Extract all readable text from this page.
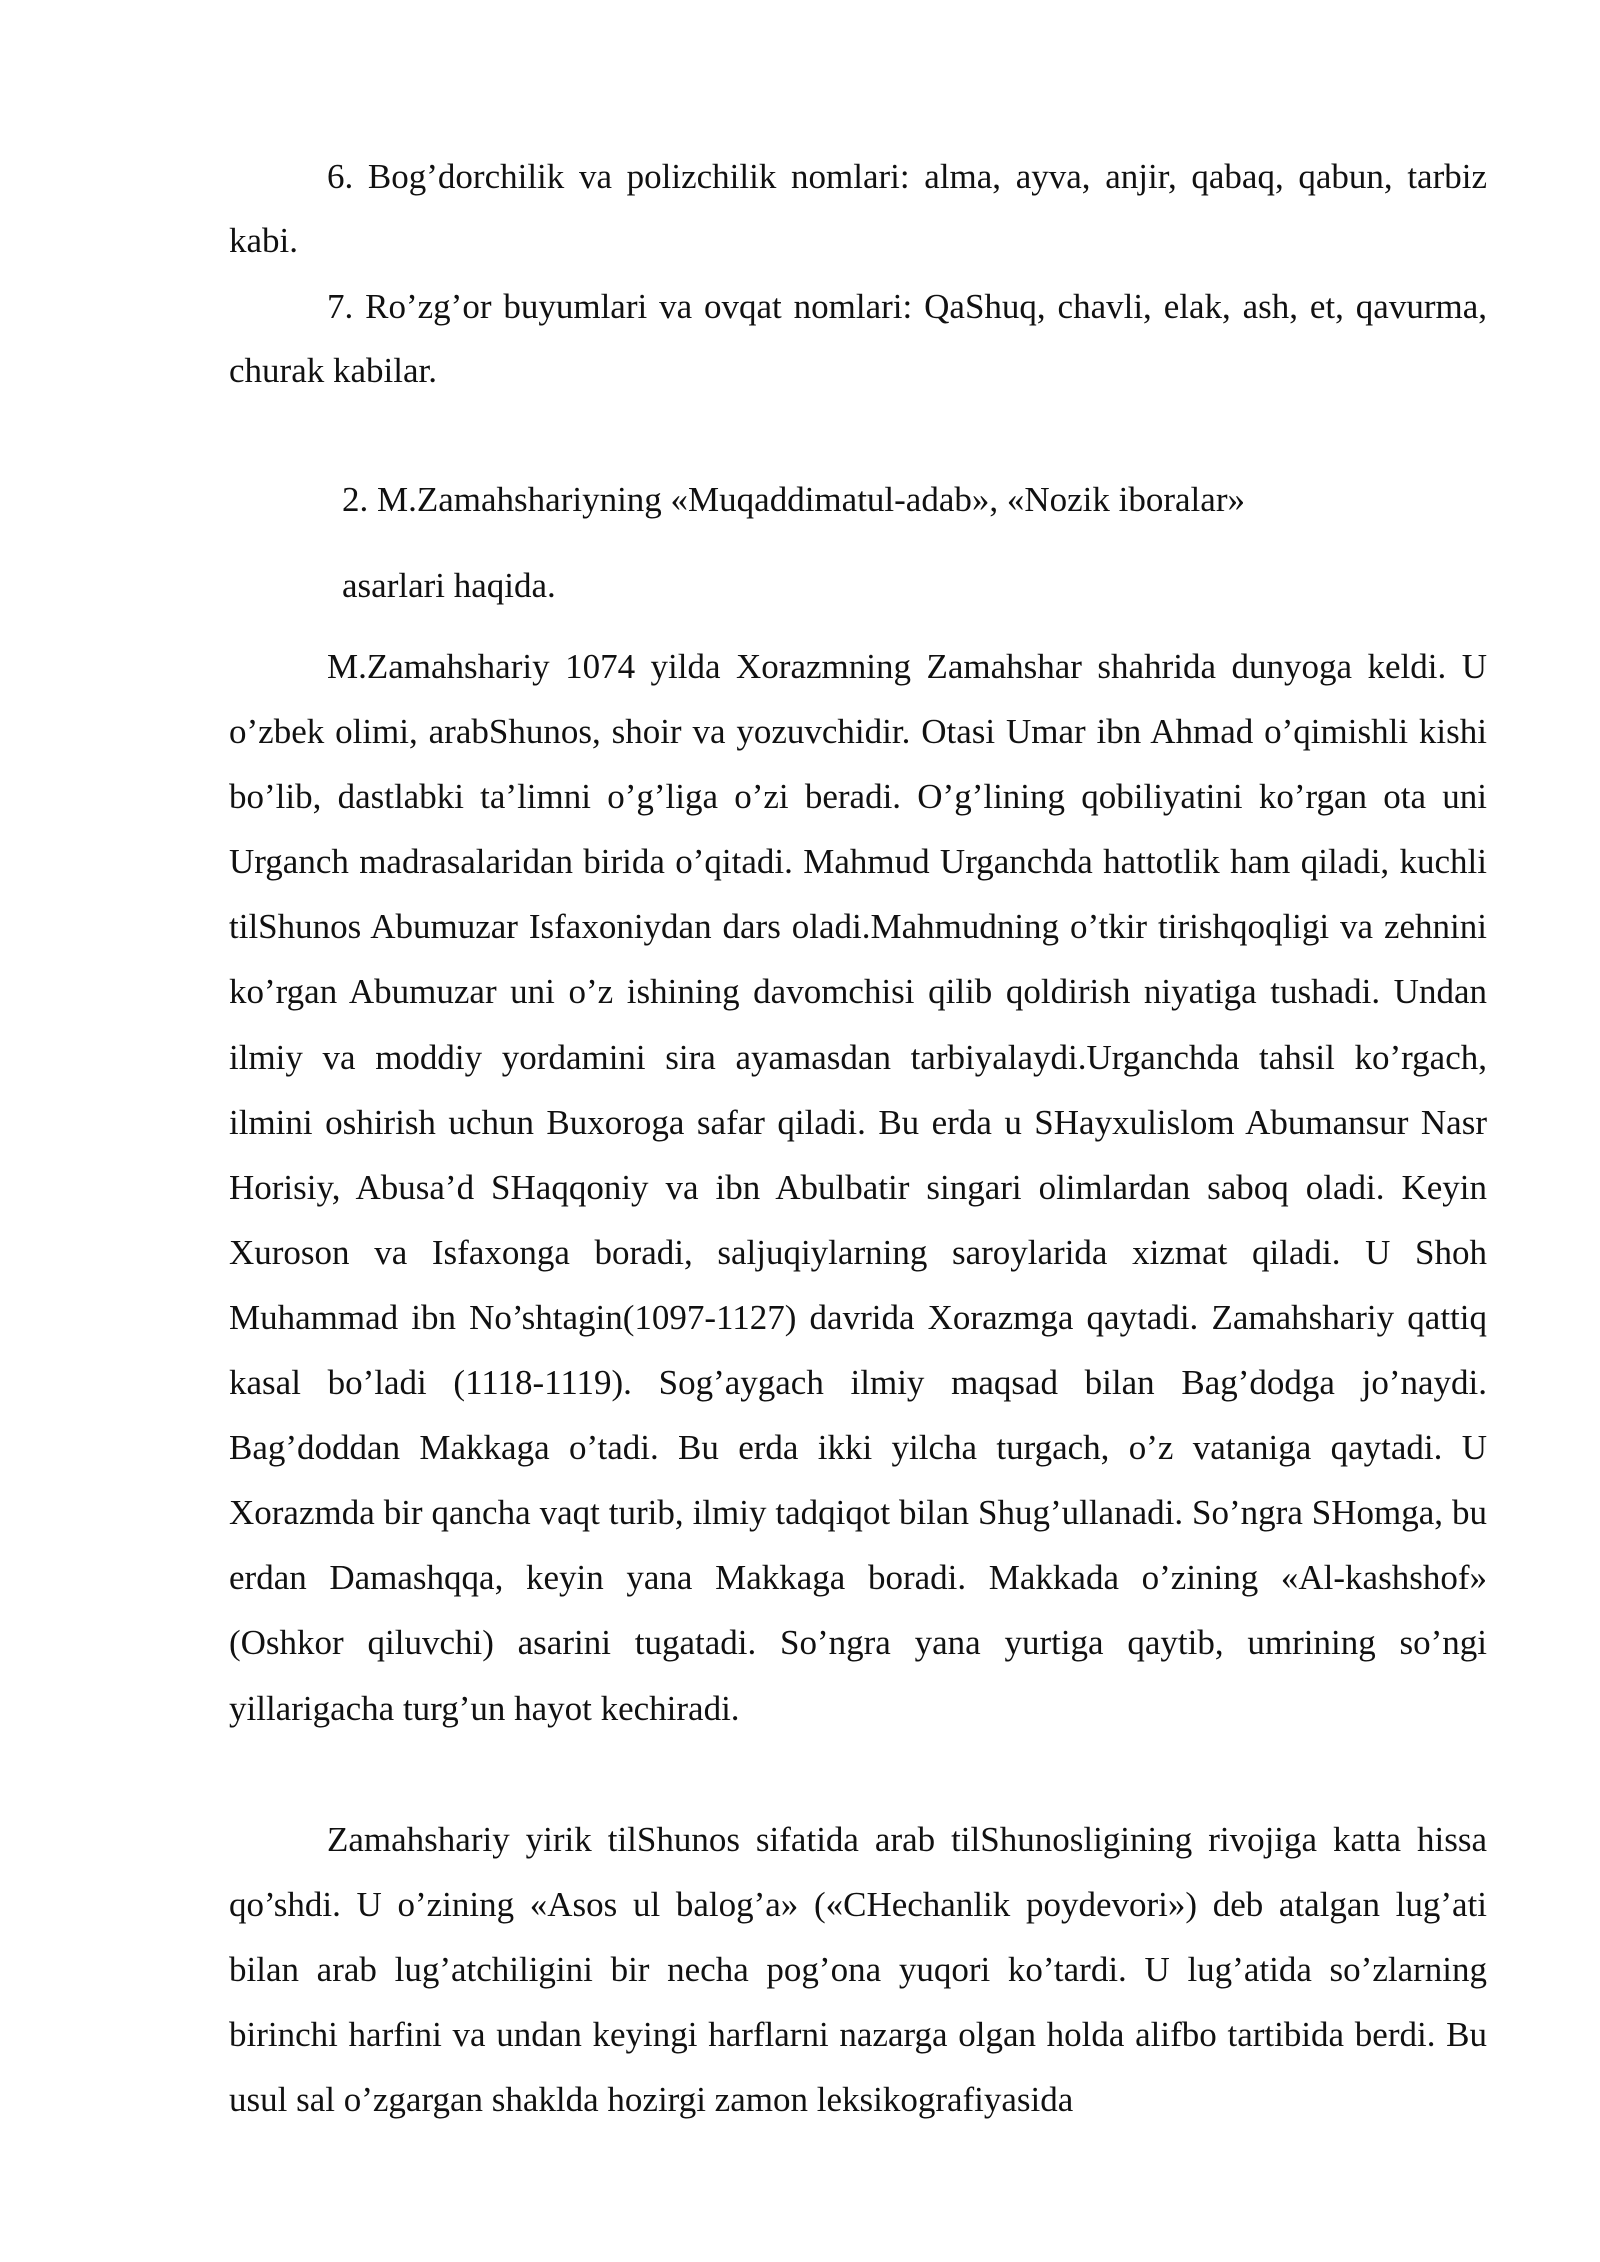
6. Bog’dorchilik va polizchilik nomlari: alma, ayva, anjir, qabaq, qabun, tarbiz kabi.

7. Ro’zg’or buyumlari va ovqat nomlari: QaShuq, chavli, elak, ash, et, qavurma, churak kabilar.

2. M.Zamahshariyning «Muqaddimatul-adab», «Nozik iboralar»

asarlari haqida.

M.Zamahshariy 1074 yilda Xorazmning Zamahshar shahrida dunyoga keldi. U o’zbek olimi, arabShunos, shoir va yozuvchidir. Otasi Umar ibn Ahmad o’qimishli kishi bo’lib, dastlabki ta’limni o’g’liga o’zi beradi. O’g’lining qobiliyatini ko’rgan ota uni Urganch madrasalaridan birida o’qitadi. Mahmud Urganchda hattotlik ham qiladi, kuchli tilShunos Abumuzar Isfaxoniydan dars oladi.Mahmudning o’tkir tirishqoqligi va zehnini ko’rgan Abumuzar uni o’z ishining davomchisi qilib qoldirish niyatiga tushadi. Undan ilmiy va moddiy yordamini sira ayamasdan tarbiyalaydi.Urganchda tahsil ko’rgach, ilmini oshirish uchun Buxoroga safar qiladi. Bu erda u SHayxulislom Abumansur Nasr Horisiy, Abusa’d SHaqqoniy va ibn Abulbatir singari olimlardan saboq oladi. Keyin Xuroson va Isfaxonga boradi, saljuqiylarning saroylarida xizmat qiladi. U Shoh Muhammad ibn No’shtagin(1097-1127) davrida Xorazmga qaytadi. Zamahshariy qattiq kasal bo’ladi (1118-1119). Sog’aygach ilmiy maqsad bilan Bag’dodga jo’naydi. Bag’doddan Makkaga o’tadi. Bu erda ikki yilcha turgach, o’z vataniga qaytadi. U Xorazmda bir qancha vaqt turib, ilmiy tadqiqot bilan Shug’ullanadi. So’ngra SHomga, bu erdan Damashqqa, keyin yana Makkaga boradi. Makkada o’zining «Al-kashshof» (Oshkor qiluvchi) asarini tugatadi. So’ngra yana yurtiga qaytib, umrining so’ngi yillarigacha turg’un hayot kechiradi.

Zamahshariy yirik tilShunos sifatida arab tilShunosligining rivojiga katta hissa qo’shdi. U o’zining «Asos ul balog’a» («CHechanlik poydevori») deb atalgan lug’ati bilan arab lug’atchiligini bir necha pog’ona yuqori ko’tardi. U lug’atida so’zlarning birinchi harfini va undan keyingi harflarni nazarga olgan holda alifbo tartibida berdi. Bu usul sal o’zgargan shaklda hozirgi zamon leksikografiyasida
